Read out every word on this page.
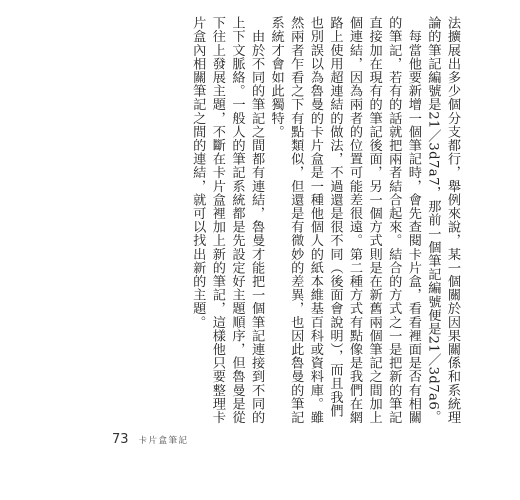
法擴展出多少個分支都行，舉例來說，某一個關於因果關係和系統理論的筆記編號是21／3d7a7，那前一個筆記編號便是21／3d7a6。

　每當他要新增一個筆記時，會先查閱卡片盒，看看裡面是否有相關的筆記，若有的話就把兩者結合起來。結合的方式之一是把新的筆記直接加在現有的筆記後面，另一個方式則是在新舊兩個筆記之間加上個連結，因為兩者的位置可能差很遠。第二種方式有點像是我們在網路上使用超連結的做法，不過還是很不同（後面會說明），而且我們也別誤以為魯曼的卡片盒是一種他個人的紙本維基百科或資料庫。雖然兩者乍看之下有點類似，但還是有微妙的差異，也因此魯曼的筆記系統才會如此獨特。

　由於不同的筆記之間都有連結，魯曼才能把一個筆記連接到不同的上下文脈絡。一般人的筆記系統都是先設定好主題順序，但魯曼是從下往上發展主題，不斷在卡片盒裡加上新的筆記，這樣他只要整理卡片盒內相關筆記之間的連結，就可以找出新的主題。

73 卡片盒筆記
